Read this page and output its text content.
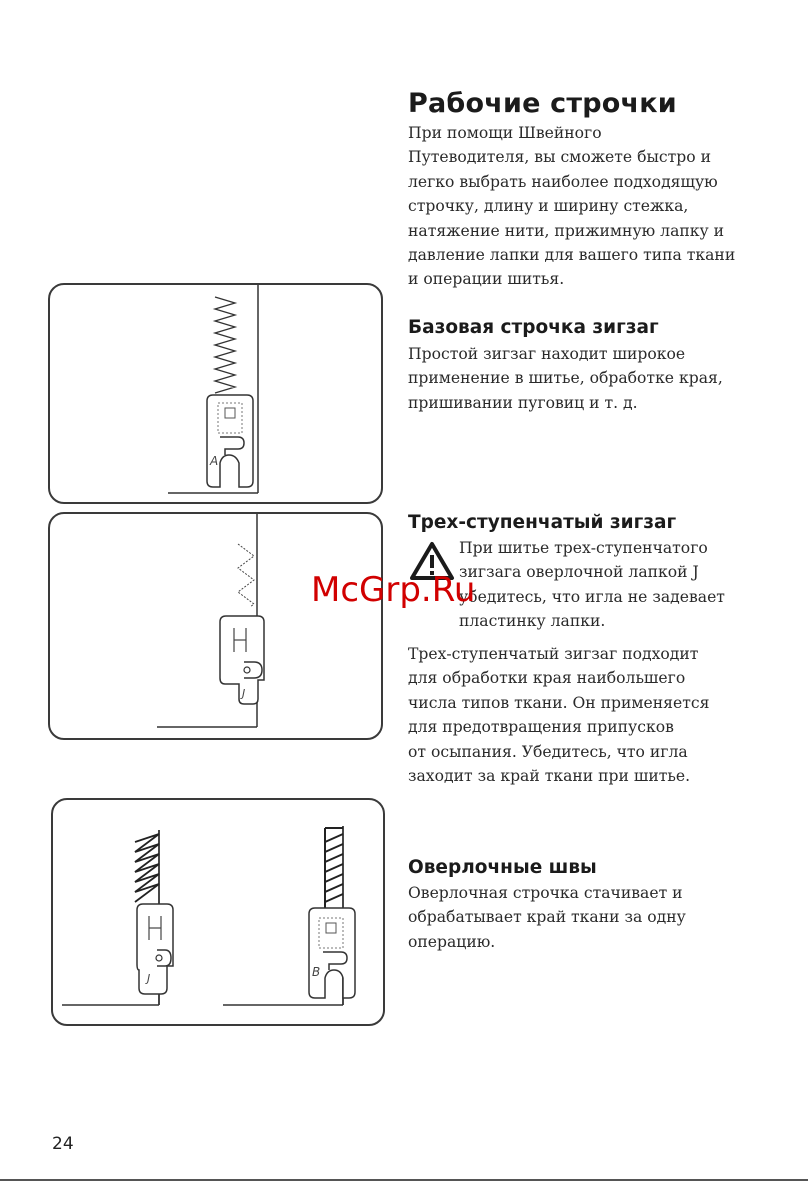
Рабочие строчки
При помощи Швейного
Путеводителя, вы сможете быстро и
легко выбрать наиболее подходящую
строчку, длину и ширину стежка,
натяжение нити, прижимную лапку и
давление лапки для вашего типа ткани
и операции шитья.
Базовая строчка зигзаг
Простой зигзаг находит широкое
применение в шитье, обработке края,
пришивании пуговиц и т. д.
Трех-ступенчатый зигзаг
При шитье трех-ступенчатого
зигзага оверлочной лапкой J
убедитесь, что игла не задевает
пластинку лапки.
Трех-ступенчатый зигзаг подходит
для обработки края наибольшего
числа типов ткани. Он применяется
для предотвращения припусков
от осыпания. Убедитесь, что игла
заходит за край ткани при шитье.
Оверлочные швы
Оверлочная строчка стачивает и
обрабатывает край ткани за одну
операцию.
A
J
J	B
McGrp.Ru
24
